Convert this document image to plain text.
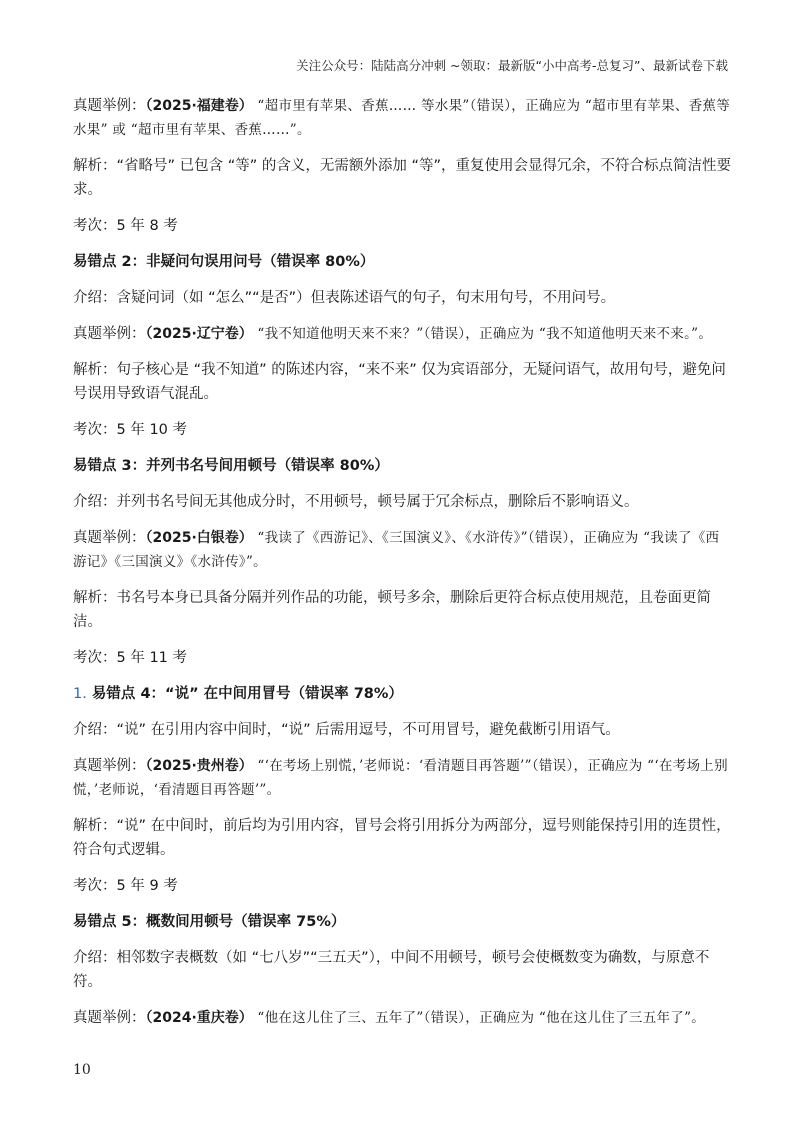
关注公众号：陆陆高分冲刺 ~领取：最新版“小中高考-总复习”、最新试卷下载

真题举例：（2025·福建卷） “超市里有苹果、香蕉…… 等水果”（错误），正确应为 “超市里有苹果、香蕉等水果” 或 “超市里有苹果、香蕉……”。

解析：“省略号” 已包含 “等” 的含义，无需额外添加 “等”，重复使用会显得冗余，不符合标点简洁性要求。

考次：5 年 8 考

易错点 2：非疑问句误用问号（错误率 80%）

介绍：含疑问词（如 “怎么”“是否”）但表陈述语气的句子，句末用句号，不用问号。

真题举例：（2025·辽宁卷） “我不知道他明天来不来？”（错误），正确应为 “我不知道他明天来不来。”。

解析：句子核心是 “我不知道” 的陈述内容，“来不来” 仅为宾语部分，无疑问语气，故用句号，避免问号误用导致语气混乱。

考次：5 年 10 考

易错点 3：并列书名号间用顿号（错误率 80%）

介绍：并列书名号间无其他成分时，不用顿号，顿号属于冗余标点，删除后不影响语义。

真题举例：（2025·白银卷） “我读了《西游记》、《三国演义》、《水浒传》”（错误），正确应为 “我读了《西游记》《三国演义》《水浒传》”。

解析：书名号本身已具备分隔并列作品的功能，顿号多余，删除后更符合标点使用规范，且卷面更简洁。

考次：5 年 11 考

1. 易错点 4：“说” 在中间用冒号（错误率 78%）

介绍：“说” 在引用内容中间时，“说” 后需用逗号，不可用冒号，避免截断引用语气。

真题举例：（2025·贵州卷） “‘在考场上别慌，’老师说：‘看清题目再答题’”（错误），正确应为 “‘在考场上别慌，’老师说，‘看清题目再答题’”。

解析：“说” 在中间时，前后均为引用内容，冒号会将引用拆分为两部分，逗号则能保持引用的连贯性，符合句式逻辑。

考次：5 年 9 考

易错点 5：概数间用顿号（错误率 75%）

介绍：相邻数字表概数（如 “七八岁”“三五天”），中间不用顿号，顿号会使概数变为确数，与原意不符。

真题举例：（2024·重庆卷） “他在这儿住了三、五年了”（错误），正确应为 “他在这儿住了三五年了”。

10
